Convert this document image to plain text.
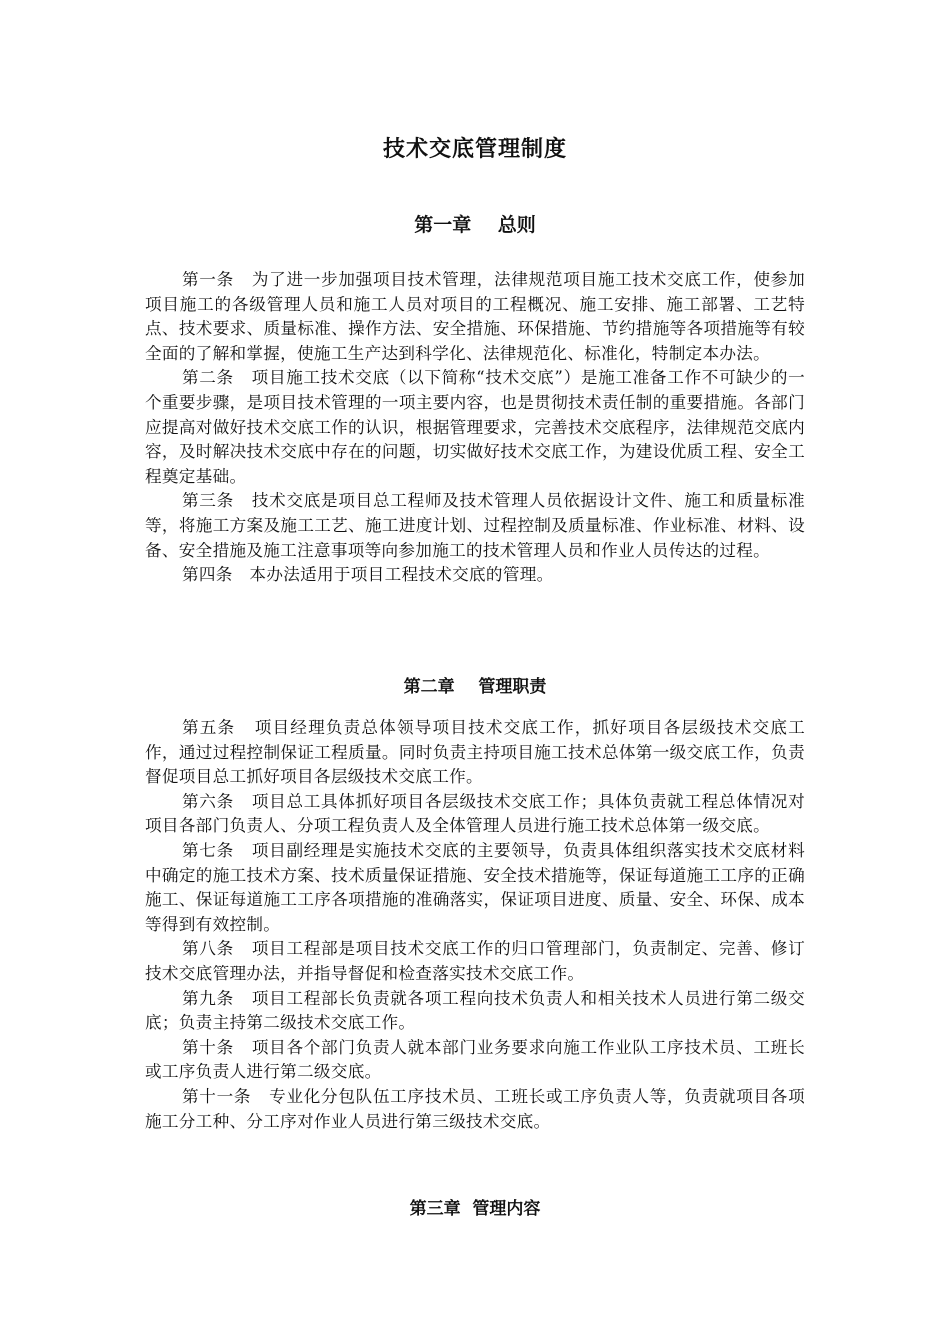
技术交底管理制度
第一章    总则

第一条 为了进一步加强项目技术管理，法律规范项目施工技术交底工作，使参加项目施工的各级管理人员和施工人员对项目的工程概况、施工安排、施工部署、工艺特点、技术要求、质量标准、操作方法、安全措施、环保措施、节约措施等各项措施等有较全面的了解和掌握，使施工生产达到科学化、法律规范化、标准化，特制定本办法。

第二条 项目施工技术交底（以下简称“技术交底”）是施工准备工作不可缺少的一个重要步骤，是项目技术管理的一项主要内容，也是贯彻技术责任制的重要措施。各部门应提高对做好技术交底工作的认识，根据管理要求，完善技术交底程序，法律规范交底内容，及时解决技术交底中存在的问题，切实做好技术交底工作，为建设优质工程、安全工程奠定基础。

第三条 技术交底是项目总工程师及技术管理人员依据设计文件、施工和质量标准等，将施工方案及施工工艺、施工进度计划、过程控制及质量标准、作业标准、材料、设备、安全措施及施工注意事项等向参加施工的技术管理人员和作业人员传达的过程。

第四条 本办法适用于项目工程技术交底的管理。

第二章    管理职责

第五条 项目经理负责总体领导项目技术交底工作，抓好项目各层级技术交底工作，通过过程控制保证工程质量。同时负责主持项目施工技术总体第一级交底工作，负责督促项目总工抓好项目各层级技术交底工作。

第六条 项目总工具体抓好项目各层级技术交底工作；具体负责就工程总体情况对项目各部门负责人、分项工程负责人及全体管理人员进行施工技术总体第一级交底。

第七条 项目副经理是实施技术交底的主要领导，负责具体组织落实技术交底材料中确定的施工技术方案、技术质量保证措施、安全技术措施等，保证每道施工工序的正确施工、保证每道施工工序各项措施的准确落实，保证项目进度、质量、安全、环保、成本等得到有效控制。

第八条 项目工程部是项目技术交底工作的归口管理部门，负责制定、完善、修订技术交底管理办法，并指导督促和检查落实技术交底工作。

第九条 项目工程部长负责就各项工程向技术负责人和相关技术人员进行第二级交底；负责主持第二级技术交底工作。

第十条 项目各个部门负责人就本部门业务要求向施工作业队工序技术员、工班长或工序负责人进行第二级交底。

第十一条 专业化分包队伍工序技术员、工班长或工序负责人等，负责就项目各项施工分工种、分工序对作业人员进行第三级技术交底。

第三章  管理内容
